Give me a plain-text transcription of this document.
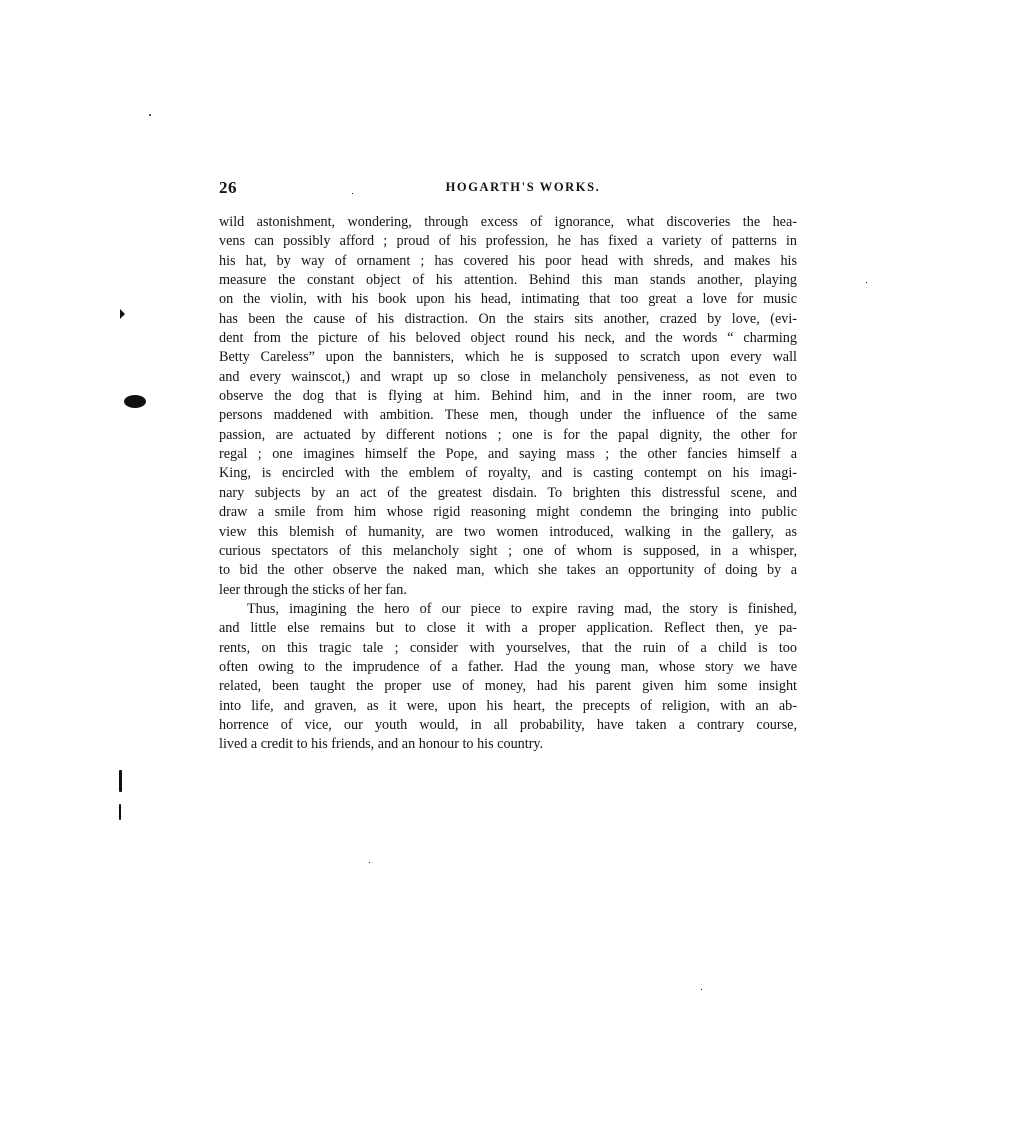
26	HOGARTH'S WORKS.
wild astonishment, wondering, through excess of ignorance, what discoveries the hea-
vens can possibly afford ; proud of his profession, he has fixed a variety of patterns in
his hat, by way of ornament ; has covered his poor head with shreds, and makes his
measure the constant object of his attention. Behind this man stands another, playing
on the violin, with his book upon his head, intimating that too great a love for music
has been the cause of his distraction. On the stairs sits another, crazed by love, (evi-
dent from the picture of his beloved object round his neck, and the words “ charming
Betty Careless” upon the bannisters, which he is supposed to scratch upon every wall
and every wainscot,) and wrapt up so close in melancholy pensiveness, as not even to
observe the dog that is flying at him. Behind him, and in the inner room, are two
persons maddened with ambition. These men, though under the influence of the same
passion, are actuated by different notions ; one is for the papal dignity, the other for
regal ; one imagines himself the Pope, and saying mass ; the other fancies himself a
King, is encircled with the emblem of royalty, and is casting contempt on his imagi-
nary subjects by an act of the greatest disdain. To brighten this distressful scene, and
draw a smile from him whose rigid reasoning might condemn the bringing into public
view this blemish of humanity, are two women introduced, walking in the gallery, as
curious spectators of this melancholy sight ; one of whom is supposed, in a whisper,
to bid the other observe the naked man, which she takes an opportunity of doing by a
leer through the sticks of her fan.
Thus, imagining the hero of our piece to expire raving mad, the story is finished,
and little else remains but to close it with a proper application. Reflect then, ye pa-
rents, on this tragic tale ; consider with yourselves, that the ruin of a child is too
often owing to the imprudence of a father. Had the young man, whose story we have
related, been taught the proper use of money, had his parent given him some insight
into life, and graven, as it were, upon his heart, the precepts of religion, with an ab-
horrence of vice, our youth would, in all probability, have taken a contrary course,
lived a credit to his friends, and an honour to his country.
